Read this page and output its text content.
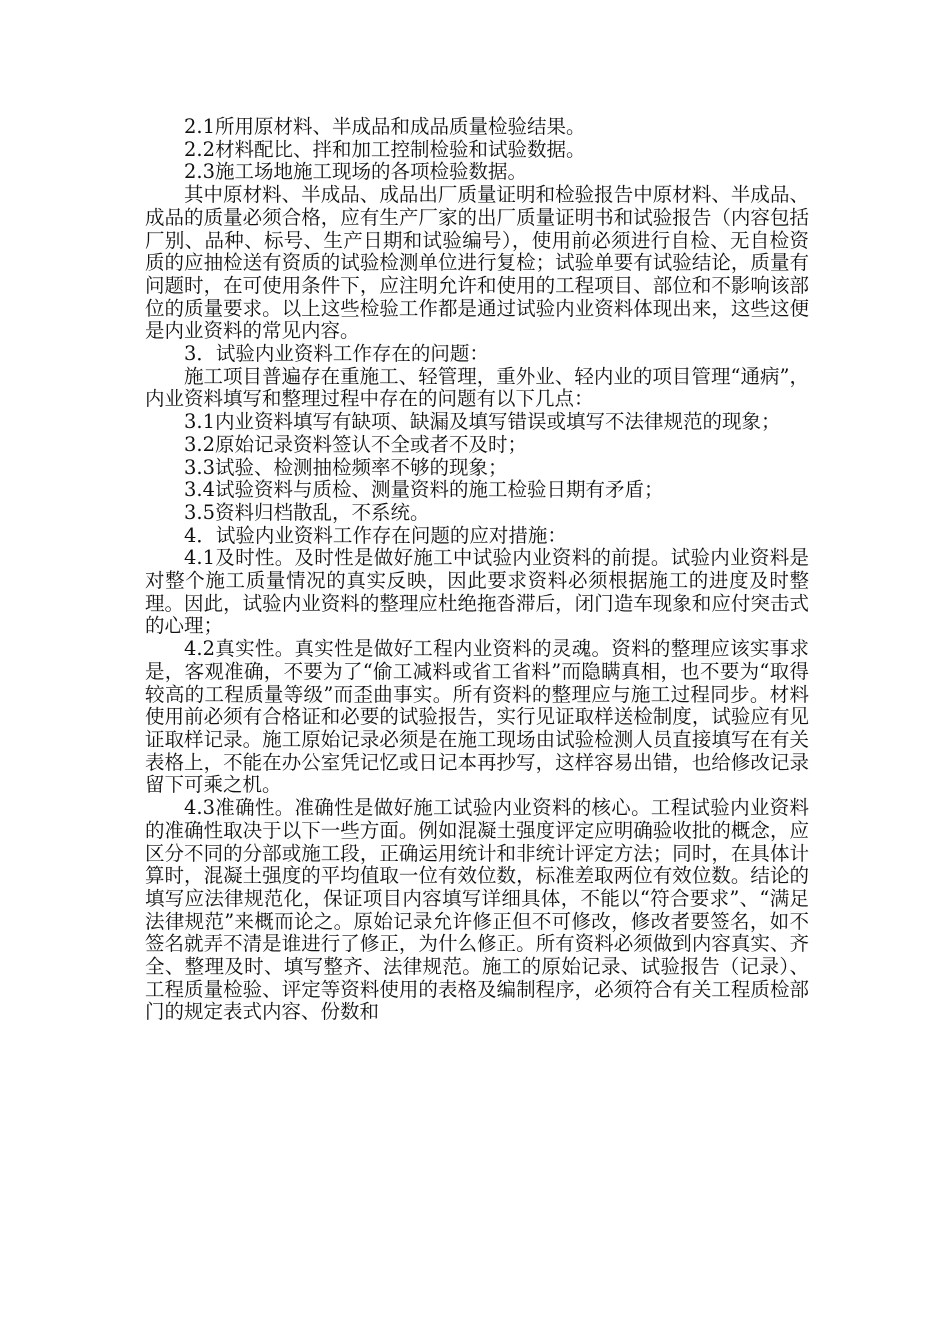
2.1所用原材料、半成品和成品质量检验结果。

2.2材料配比、拌和加工控制检验和试验数据。

2.3施工场地施工现场的各项检验数据。

其中原材料、半成品、成品出厂质量证明和检验报告中原材料、半成品、成品的质量必须合格，应有生产厂家的出厂质量证明书和试验报告（内容包括厂别、品种、标号、生产日期和试验编号），使用前必须进行自检、无自检资质的应抽检送有资质的试验检测单位进行复检；试验单要有试验结论，质量有问题时，在可使用条件下，应注明允许和使用的工程项目、部位和不影响该部位的质量要求。以上这些检验工作都是通过试验内业资料体现出来，这些这便是内业资料的常见内容。

3．试验内业资料工作存在的问题：

施工项目普遍存在重施工、轻管理，重外业、轻内业的项目管理“通病”，内业资料填写和整理过程中存在的问题有以下几点：

3.1内业资料填写有缺项、缺漏及填写错误或填写不法律规范的现象；

3.2原始记录资料签认不全或者不及时；

3.3试验、检测抽检频率不够的现象；

3.4试验资料与质检、测量资料的施工检验日期有矛盾；

3.5资料归档散乱，不系统。

4．试验内业资料工作存在问题的应对措施：

4.1及时性。及时性是做好施工中试验内业资料的前提。试验内业资料是对整个施工质量情况的真实反映，因此要求资料必须根据施工的进度及时整理。因此，试验内业资料的整理应杜绝拖沓滞后，闭门造车现象和应付突击式的心理；

4.2真实性。真实性是做好工程内业资料的灵魂。资料的整理应该实事求是，客观准确，不要为了“偷工减料或省工省料”而隐瞒真相，也不要为“取得较高的工程质量等级”而歪曲事实。所有资料的整理应与施工过程同步。材料使用前必须有合格证和必要的试验报告，实行见证取样送检制度，试验应有见证取样记录。施工原始记录必须是在施工现场由试验检测人员直接填写在有关表格上，不能在办公室凭记忆或日记本再抄写，这样容易出错，也给修改记录留下可乘之机。

4.3准确性。准确性是做好施工试验内业资料的核心。工程试验内业资料的准确性取决于以下一些方面。例如混凝土强度评定应明确验收批的概念，应区分不同的分部或施工段，正确运用统计和非统计评定方法；同时，在具体计算时，混凝土强度的平均值取一位有效位数，标准差取两位有效位数。结论的填写应法律规范化，保证项目内容填写详细具体，不能以“符合要求”、“满足法律规范”来概而论之。原始记录允许修正但不可修改，修改者要签名，如不签名就弄不清是谁进行了修正，为什么修正。所有资料必须做到内容真实、齐全、整理及时、填写整齐、法律规范。施工的原始记录、试验报告（记录）、工程质量检验、评定等资料使用的表格及编制程序，必须符合有关工程质检部门的规定表式内容、份数和
